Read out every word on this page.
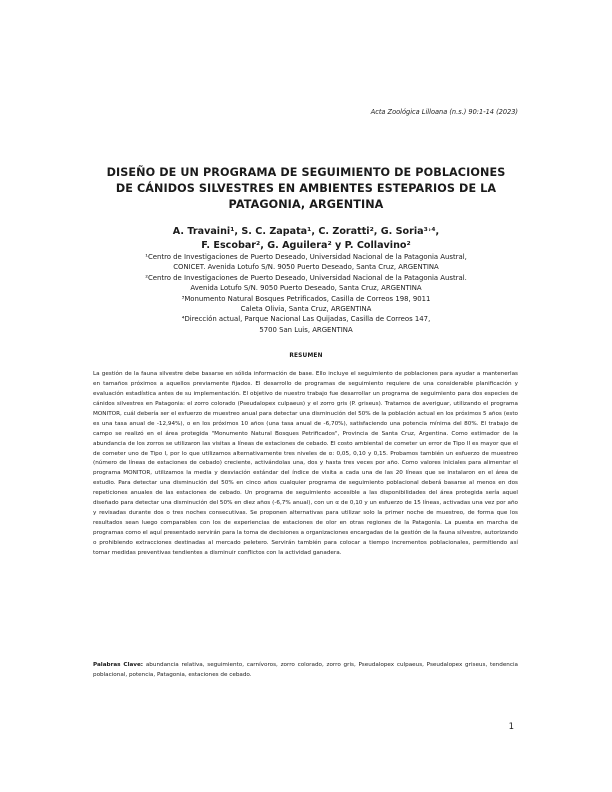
Acta Zoológica Lilloana (n.s.) 90:1-14 (2023)
DISEÑO DE UN PROGRAMA DE SEGUIMIENTO DE POBLACIONES
DE CÁNIDOS SILVESTRES EN AMBIENTES ESTEPARIOS DE LA
PATAGONIA, ARGENTINA
A. Travaini¹, S. C. Zapata¹, C. Zoratti², G. Soria³˒⁴,
F. Escobar², G. Aguilera² y P. Collavino²
¹Centro de Investigaciones de Puerto Deseado, Universidad Nacional de la Patagonia Austral,
CONICET. Avenida Lotufo S/N. 9050 Puerto Deseado, Santa Cruz, ARGENTINA
²Centro de Investigaciones de Puerto Deseado, Universidad Nacional de la Patagonia Austral.
Avenida Lotufo S/N. 9050 Puerto Deseado, Santa Cruz, ARGENTINA
³Monumento Natural Bosques Petrificados, Casilla de Correos 198, 9011
Caleta Olivia, Santa Cruz, ARGENTINA
⁴Dirección actual, Parque Nacional Las Quijadas, Casilla de Correos 147,
5700 San Luis, ARGENTINA
RESUMEN
La gestión de la fauna silvestre debe basarse en sólida información de base. Ello incluye el seguimiento de poblaciones para ayudar a mantenerlas en tamaños próximos a aquellos previamente fijados. El desarrollo de programas de seguimiento requiere de una considerable planificación y evaluación estadística antes de su implementación. El objetivo de nuestro trabajo fue desarrollar un programa de seguimiento para dos especies de cánidos silvestres en Patagonia: el zorro colorado (Pseudalopex culpaeus) y el zorro gris (P. griseus). Tratamos de averiguar, utilizando el programa MONITOR, cuál debería ser el esfuerzo de muestreo anual para detectar una disminución del 50% de la población actual en los próximos 5 años (esto es una tasa anual de -12,94%), o en los próximos 10 años (una tasa anual de -6,70%), satisfaciendo una potencia mínima del 80%. El trabajo de campo se realizó en el área protegida "Monumento Natural Bosques Petrificados", Provincia de Santa Cruz, Argentina. Como estimador de la abundancia de los zorros se utilizaron las visitas a líneas de estaciones de cebado. El costo ambiental de cometer un error de Tipo II es mayor que el de cometer uno de Tipo I, por lo que utilizamos alternativamente tres niveles de α: 0,05, 0,10 y 0,15. Probamos también un esfuerzo de muestreo (número de líneas de estaciones de cebado) creciente, activándolas una, dos y hasta tres veces por año. Como valores iniciales para alimentar el programa MONITOR, utilizamos la media y desviación estándar del índice de visita a cada una de las 20 líneas que se instalaron en el área de estudio. Para detectar una disminución del 50% en cinco años cualquier programa de seguimiento poblacional deberá basarse al menos en dos repeticiones anuales de las estaciones de cebado. Un programa de seguimiento accesible a las disponibilidades del área protegida sería aquel diseñado para detectar una disminución del 50% en diez años (-6,7% anual), con un α de 0,10 y un esfuerzo de 15 líneas, activadas una vez por año y revisadas durante dos o tres noches consecutivas. Se proponen alternativas para utilizar solo la primer noche de muestreo, de forma que los resultados sean luego comparables con los de experiencias de estaciones de olor en otras regiones de la Patagonia. La puesta en marcha de programas como el aquí presentado servirán para la toma de decisiones a organizaciones encargadas de la gestión de la fauna silvestre, autorizando o prohibiendo extracciones destinadas al mercado peletero. Servirán también para colocar a tiempo incrementos poblacionales, permitiendo así tomar medidas preventivas tendientes a disminuir conflictos con la actividad ganadera.
Palabras Clave: abundancia relativa, seguimiento, carnívoros, zorro colorado, zorro gris, Pseudalopex culpaeus, Pseudalopex griseus, tendencia poblacional, potencia, Patagonia, estaciones de cebado.
1
